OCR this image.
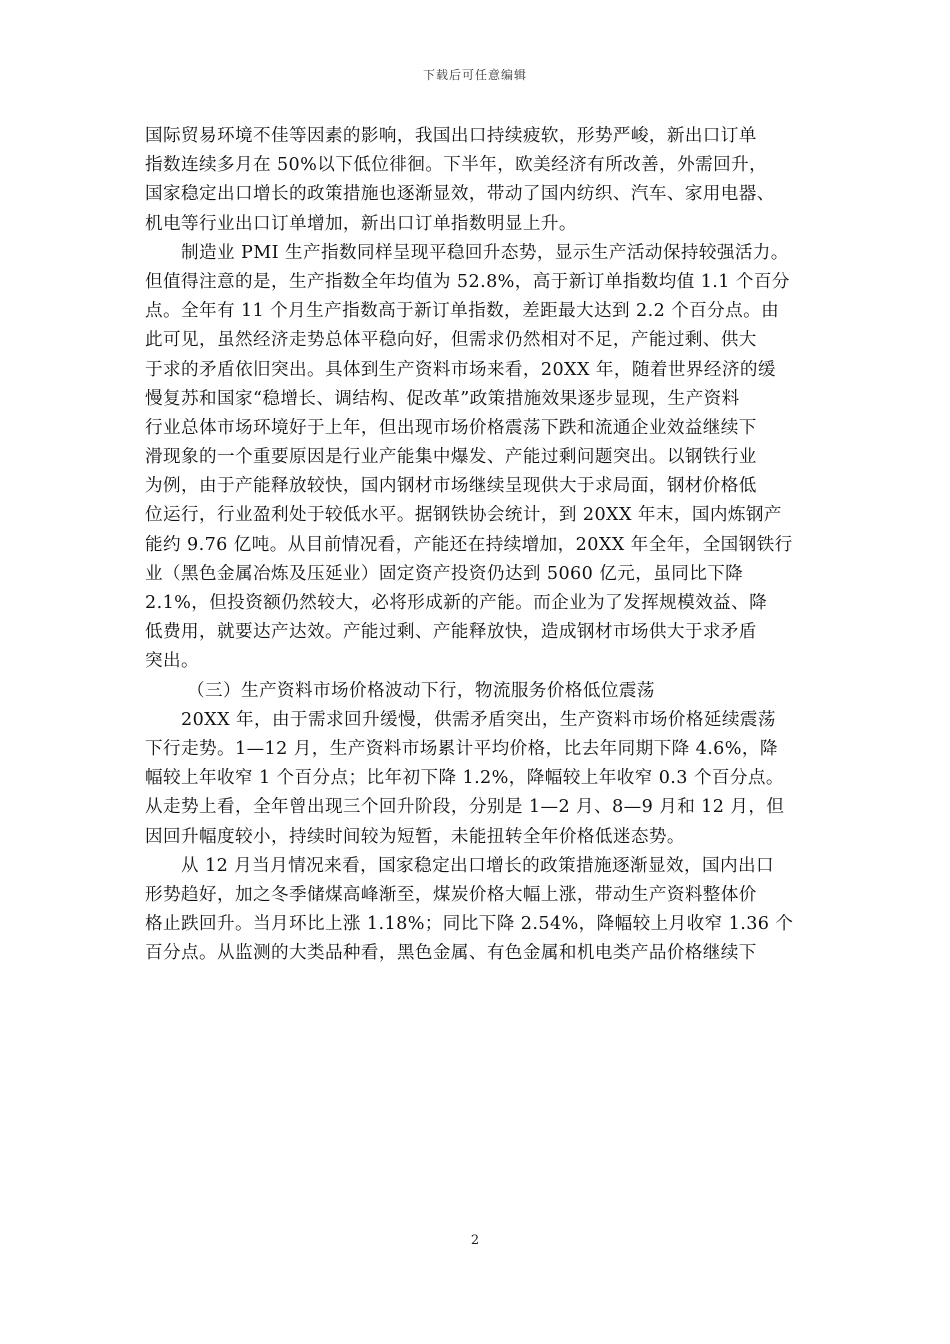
下载后可任意编辑
国际贸易环境不佳等因素的影响，我国出口持续疲软，形势严峻，新出口订单
指数连续多月在 50%以下低位徘徊。下半年，欧美经济有所改善，外需回升，
国家稳定出口增长的政策措施也逐渐显效，带动了国内纺织、汽车、家用电器、
机电等行业出口订单增加，新出口订单指数明显上升。
制造业 PMI 生产指数同样呈现平稳回升态势，显示生产活动保持较强活力。
但值得注意的是，生产指数全年均值为 52.8%，高于新订单指数均值 1.1 个百分
点。全年有 11 个月生产指数高于新订单指数，差距最大达到 2.2 个百分点。由
此可见，虽然经济走势总体平稳向好，但需求仍然相对不足，产能过剩、供大
于求的矛盾依旧突出。具体到生产资料市场来看，20XX 年，随着世界经济的缓
慢复苏和国家“稳增长、调结构、促改革”政策措施效果逐步显现，生产资料
行业总体市场环境好于上年，但出现市场价格震荡下跌和流通企业效益继续下
滑现象的一个重要原因是行业产能集中爆发、产能过剩问题突出。以钢铁行业
为例，由于产能释放较快，国内钢材市场继续呈现供大于求局面，钢材价格低
位运行，行业盈利处于较低水平。据钢铁协会统计，到 20XX 年末，国内炼钢产
能约 9.76 亿吨。从目前情况看，产能还在持续增加，20XX 年全年，全国钢铁行
业（黑色金属冶炼及压延业）固定资产投资仍达到 5060 亿元，虽同比下降
2.1%，但投资额仍然较大，必将形成新的产能。而企业为了发挥规模效益、降
低费用，就要达产达效。产能过剩、产能释放快，造成钢材市场供大于求矛盾
突出。
（三）生产资料市场价格波动下行，物流服务价格低位震荡
20XX 年，由于需求回升缓慢，供需矛盾突出，生产资料市场价格延续震荡
下行走势。1—12 月，生产资料市场累计平均价格，比去年同期下降 4.6%，降
幅较上年收窄 1 个百分点；比年初下降 1.2%，降幅较上年收窄 0.3 个百分点。
从走势上看，全年曾出现三个回升阶段，分别是 1—2 月、8—9 月和 12 月，但
因回升幅度较小，持续时间较为短暂，未能扭转全年价格低迷态势。
从 12 月当月情况来看，国家稳定出口增长的政策措施逐渐显效，国内出口
形势趋好，加之冬季储煤高峰渐至，煤炭价格大幅上涨，带动生产资料整体价
格止跌回升。当月环比上涨 1.18%；同比下降 2.54%，降幅较上月收窄 1.36 个
百分点。从监测的大类品种看，黑色金属、有色金属和机电类产品价格继续下
2
